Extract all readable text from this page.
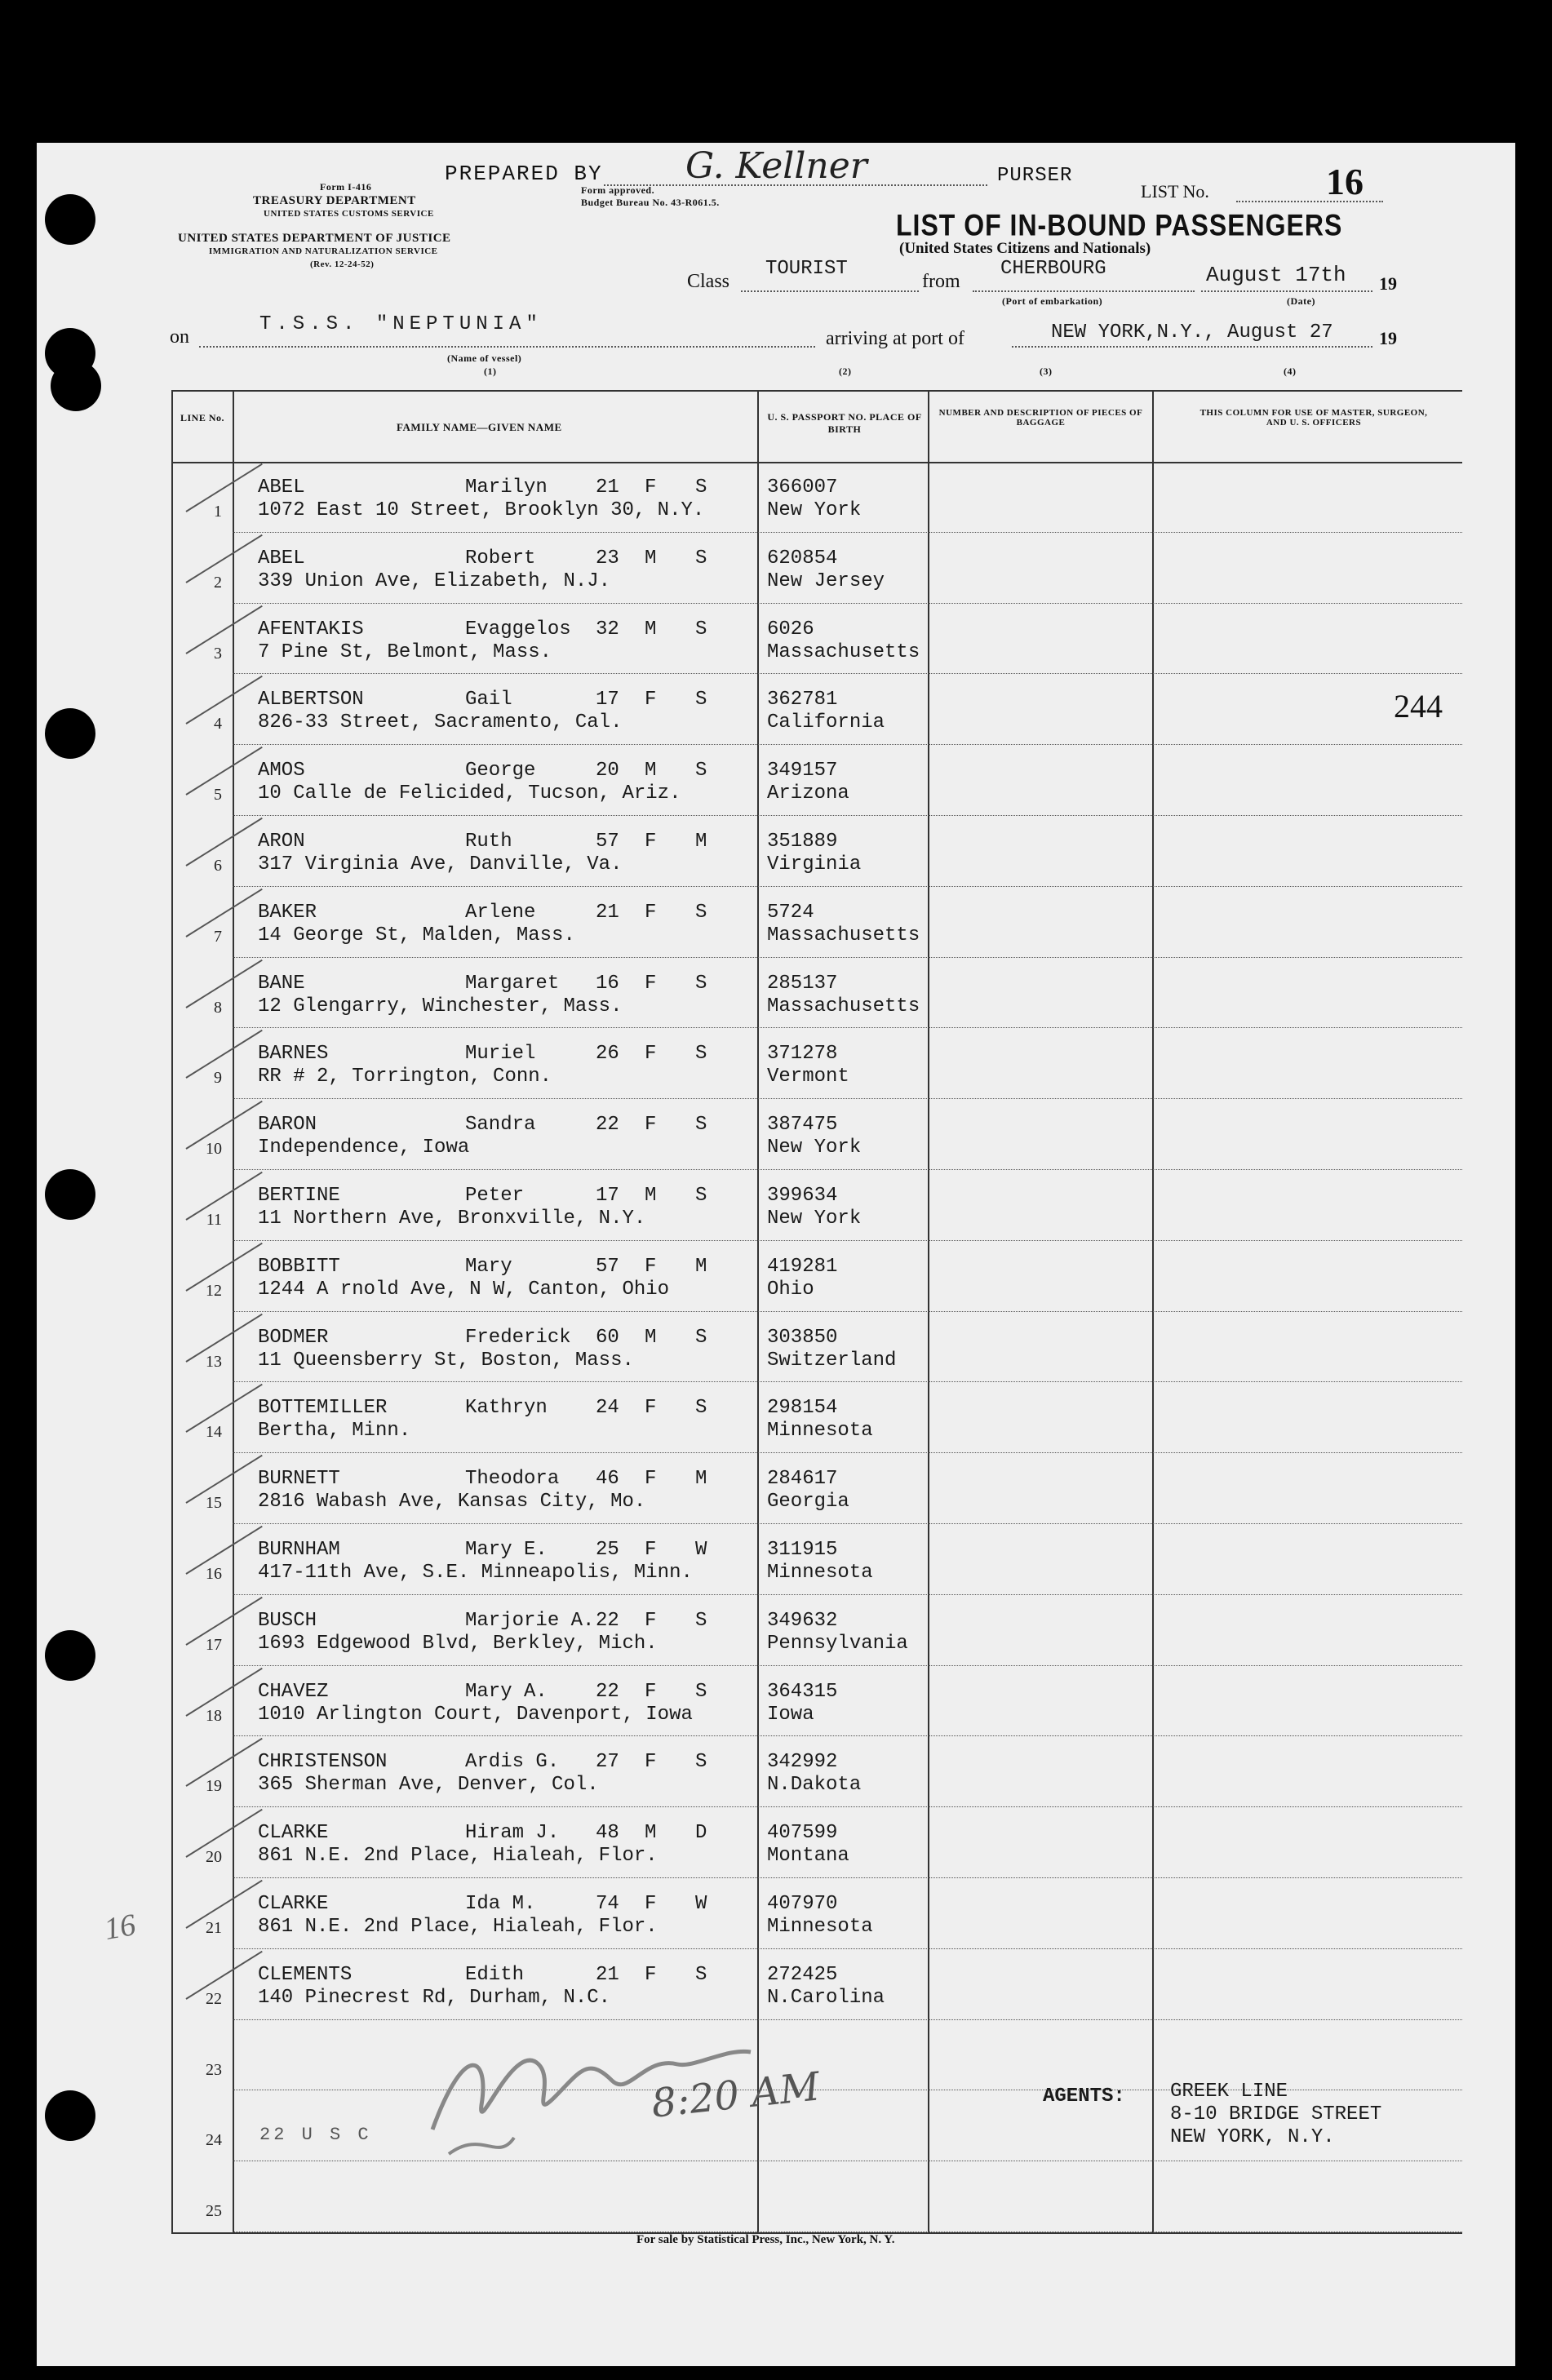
PREPARED BY G. Kellner	PURSER
LIST No.	16
Form I-416
TREASURY DEPARTMENT
UNITED STATES CUSTOMS SERVICE
UNITED STATES DEPARTMENT OF JUSTICE
IMMIGRATION AND NATURALIZATION SERVICE
(Rev. 12-24-52)
Form approved.
Budget Bureau No. 43-R061.5.
LIST OF IN-BOUND PASSENGERS
(United States Citizens and Nationals)
Class
TOURIST
from
CHERBOURG
(Port of embarkation)
August 17th
(Date)
19
on
T.S.S. "NEPTUNIA"
(Name of vessel)
arriving at port of	NEW YORK,N.Y., August 27	19
(1)	(2)	(3)	(4)
LINE No.
FAMILY NAME—GIVEN NAME
U. S. PASSPORT NO. PLACE OF BIRTH
NUMBER AND DESCRIPTION OF PIECES OF BAGGAGE
THIS COLUMN FOR USE OF MASTER, SURGEON, AND U. S. OFFICERS
1
ABEL	Marilyn 21 F S
1072 East 10 Street, Brooklyn 30, N.Y.
366007
New York
2
ABEL	Robert	23 M S
339 Union Ave, Elizabeth, N.J.
620854
New Jersey
3
AFENTAKIS	Evaggelos 32 M S
7 Pine St, Belmont, Mass.
6026
Massachusetts
4
ALBERTSON	Gail	17 F S
826-33 Street, Sacramento, Cal.
362781
California
5
AMOS	George	20 M S
10 Calle de Felicided, Tucson, Ariz.
349157
Arizona
6
ARON	Ruth	57 F M
317 Virginia Ave, Danville, Va.
351889
Virginia
7
BAKER	Arlene	21 F S
14 George St, Malden, Mass.
5724
Massachusetts
8
BANE	Margaret 16 F S
12 Glengarry, Winchester, Mass.
285137
Massachusetts
9
BARNES	Muriel	26 F S
RR # 2, Torrington, Conn.
371278
Vermont
10
BARON	Sandra	22 F S
Independence, Iowa
387475
New York
11
BERTINE	Peter	17 M S
11 Northern Ave, Bronxville, N.Y.
399634
New York
12
BOBBITT	Mary	57 F M
1244 A rnold Ave, N W, Canton, Ohio
419281
Ohio
13
BODMER	Frederick 60 M S
11 Queensberry St, Boston, Mass.
303850
Switzerland
14
BOTTEMILLER	Kathryn 24 F S
Bertha, Minn.
298154
Minnesota
15
BURNETT	Theodora 46 F M
2816 Wabash Ave, Kansas City, Mo.
284617
Georgia
16
BURNHAM	Mary E. 25 F W
417-11th Ave, S.E. Minneapolis, Minn.
311915
Minnesota
17
BUSCH	Marjorie A. 22 F S
1693 Edgewood Blvd, Berkley, Mich.
349632
Pennsylvania
18
CHAVEZ	Mary A. 22 F S
1010 Arlington Court, Davenport, Iowa
364315
Iowa
19
CHRISTENSON	Ardis G. 27 F S
365 Sherman Ave, Denver, Col.
342992
N.Dakota
20
CLARKE	Hiram J. 48 M D
861 N.E. 2nd Place, Hialeah, Flor.
407599
Montana
21
CLARKE	Ida M.	74 F W
861 N.E. 2nd Place, Hialeah, Flor.
407970
Minnesota
22
CLEMENTS	Edith	21 F S
140 Pinecrest Rd, Durham, N.C.
272425
N.Carolina
23
24
25
244
16
22 U S C
8:20 AM	AGENTS: GREEK LINE
8-10 BRIDGE STREET
NEW YORK, N.Y.
For sale by Statistical Press, Inc., New York, N. Y.
